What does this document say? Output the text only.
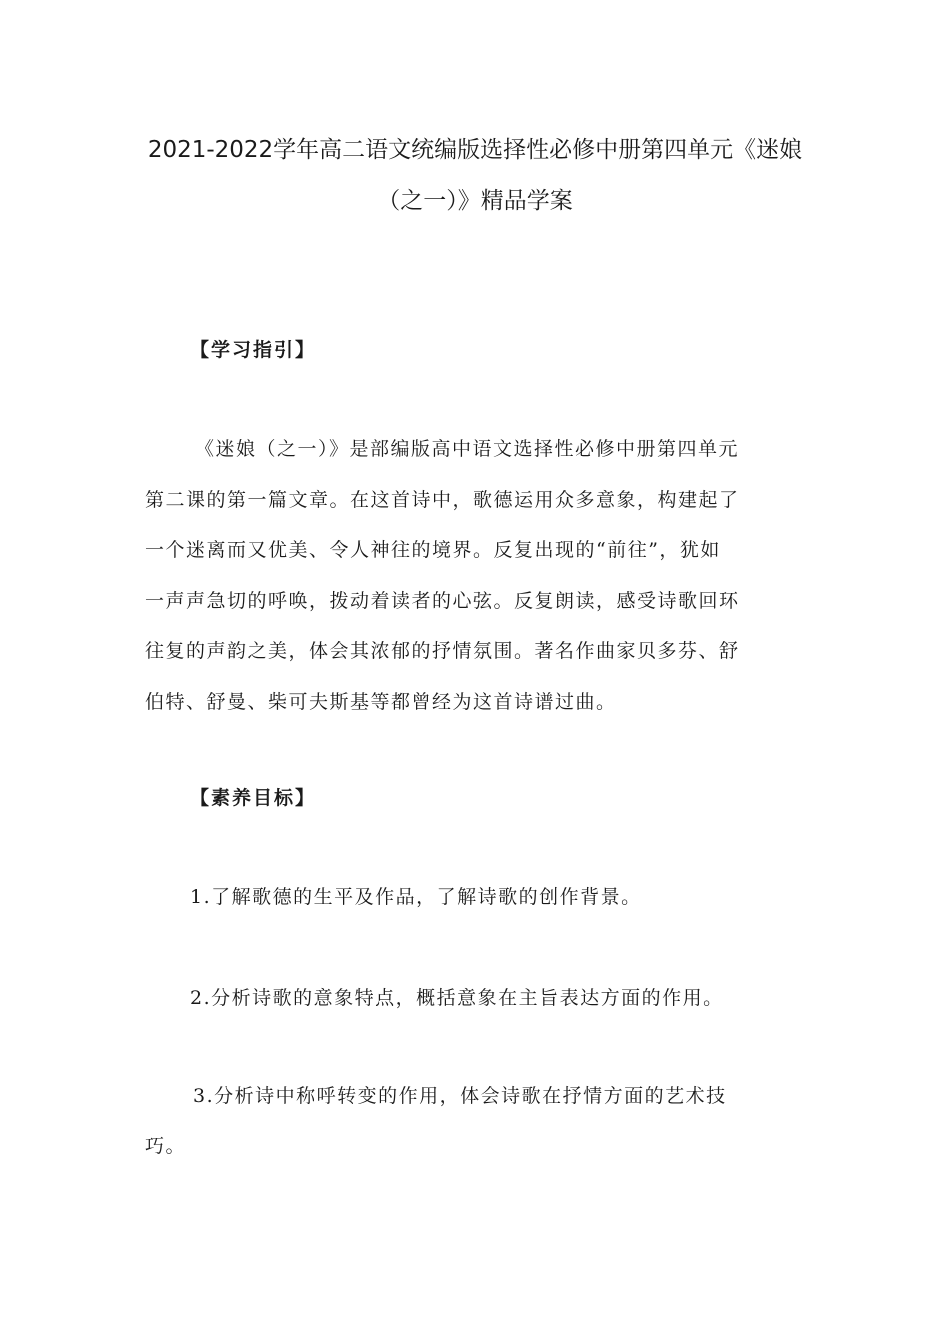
2021-2022学年高二语文统编版选择性必修中册第四单元《迷娘
（之一）》精品学案
【学习指引】

《迷娘（之一）》是部编版高中语文选择性必修中册第四单元
第二课的第一篇文章。在这首诗中，歌德运用众多意象，构建起了
一个迷离而又优美、令人神往的境界。反复出现的“前往”，犹如
一声声急切的呼唤，拨动着读者的心弦。反复朗读，感受诗歌回环
往复的声韵之美，体会其浓郁的抒情氛围。著名作曲家贝多芬、舒
伯特、舒曼、柴可夫斯基等都曾经为这首诗谱过曲。

【素养目标】

1.了解歌德的生平及作品，了解诗歌的创作背景。

2.分析诗歌的意象特点，概括意象在主旨表达方面的作用。

3.分析诗中称呼转变的作用，体会诗歌在抒情方面的艺术技
巧。
